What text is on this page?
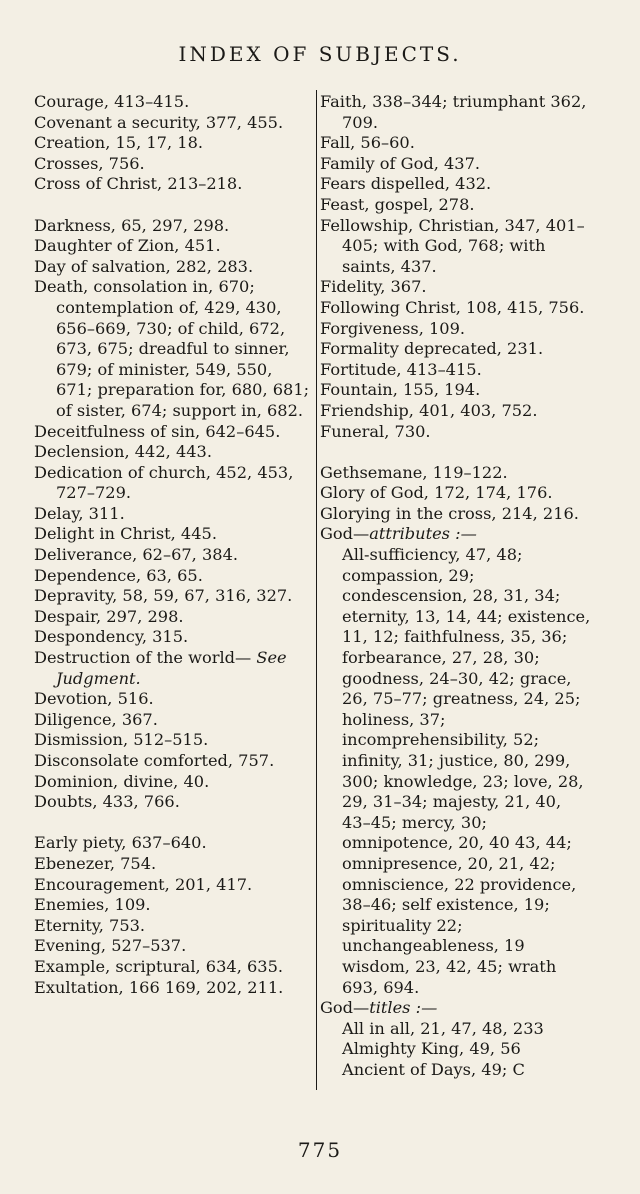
INDEX OF SUBJECTS.

Courage, 413–415.

Covenant a security, 377, 455.

Creation, 15, 17, 18.

Crosses, 756.

Cross of Christ, 213–218.

Darkness, 65, 297, 298.

Daughter of Zion, 451.

Day of salvation, 282, 283.

Death, consolation in, 670; contemplation of, 429, 430, 656–669, 730; of child, 672, 673, 675; dreadful to sinner, 679; of minister, 549, 550, 671; preparation for, 680, 681; of sister, 674; support in, 682.

Deceitfulness of sin, 642–645.

Declension, 442, 443.

Dedication of church, 452, 453, 727–729.

Delay, 311.

Delight in Christ, 445.

Deliverance, 62–67, 384.

Dependence, 63, 65.

Depravity, 58, 59, 67, 316, 327.

Despair, 297, 298.

Despondency, 315.

Destruction of the world— See Judgment.

Devotion, 516.

Diligence, 367.

Dismission, 512–515.

Disconsolate comforted, 757.

Dominion, divine, 40.

Doubts, 433, 766.

Early piety, 637–640.

Ebenezer, 754.

Encouragement, 201, 417.

Enemies, 109.

Eternity, 753.

Evening, 527–537.

Example, scriptural, 634, 635.

Exultation, 166 169, 202, 211.

Faith, 338–344; triumphant 362, 709.

Fall, 56–60.

Family of God, 437.

Fears dispelled, 432.

Feast, gospel, 278.

Fellowship, Christian, 347, 401–405; with God, 768; with saints, 437.

Fidelity, 367.

Following Christ, 108, 415, 756.

Forgiveness, 109.

Formality deprecated, 231.

Fortitude, 413–415.

Fountain, 155, 194.

Friendship, 401, 403, 752.

Funeral, 730.

Gethsemane, 119–122.

Glory of God, 172, 174, 176.

Glorying in the cross, 214, 216.

God—attributes :—

All-sufficiency, 47, 48; compassion, 29; condescension, 28, 31, 34; eternity, 13, 14, 44; existence, 11, 12; faithfulness, 35, 36; forbearance, 27, 28, 30; goodness, 24–30, 42; grace, 26, 75–77; greatness, 24, 25; holiness, 37; incomprehensibility, 52; infinity, 31; justice, 80, 299, 300; knowledge, 23; love, 28, 29, 31–34; majesty, 21, 40, 43–45; mercy, 30; omnipotence, 20, 40 43, 44; omnipresence, 20, 21, 42; omniscience, 22 providence, 38–46; self existence, 19; spirituality 22; unchangeableness, 19 wisdom, 23, 42, 45; wrath 693, 694.

God—titles :—

All in all, 21, 47, 48, 233

Almighty King, 49, 56

Ancient of Days, 49; C

775
